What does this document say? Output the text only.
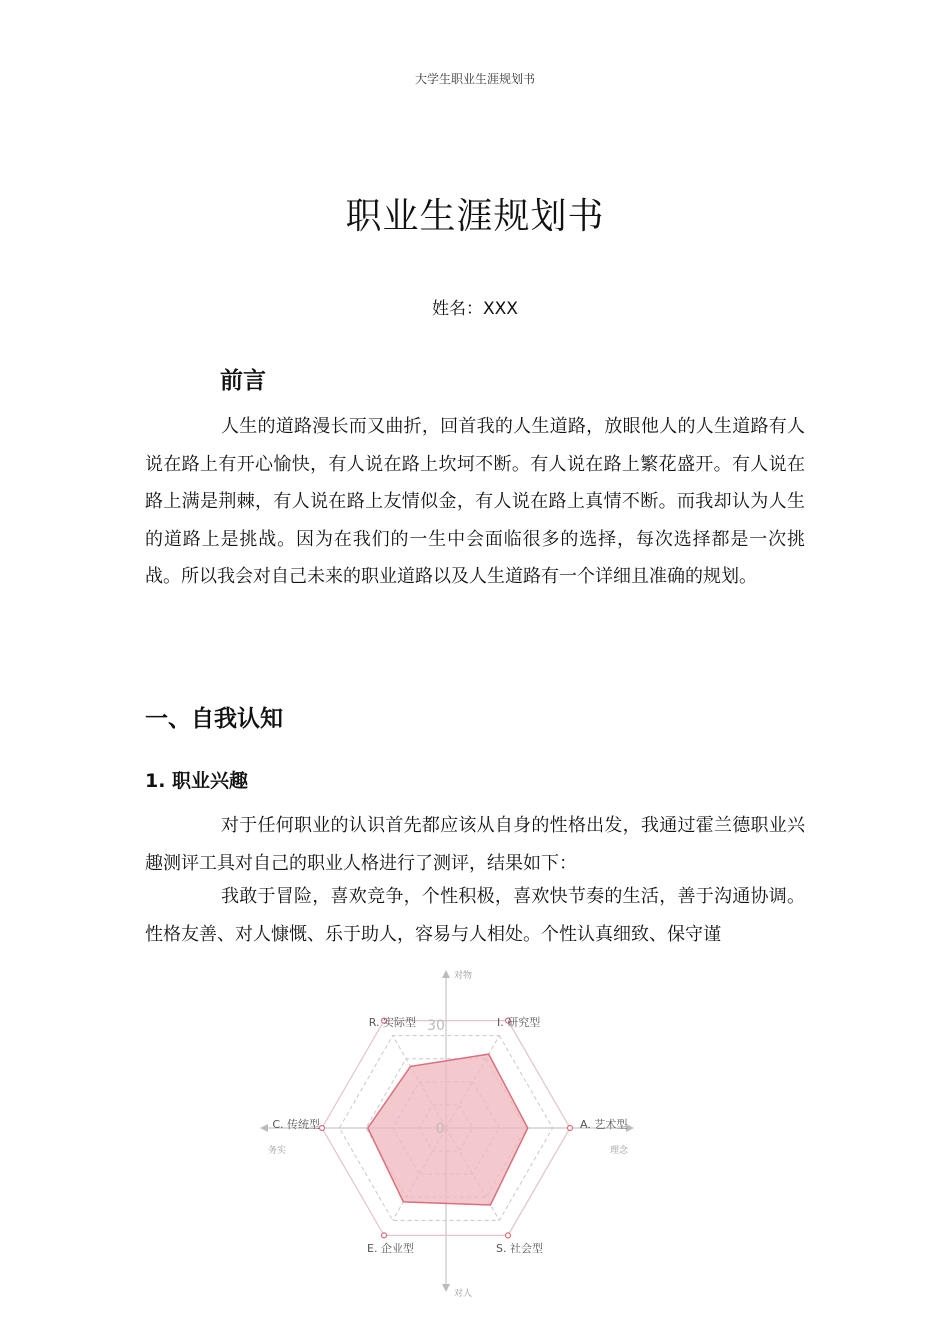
大学生职业生涯规划书
职业生涯规划书
姓名：XXX
前言

人生的道路漫长而又曲折，回首我的人生道路，放眼他人的人生道路有人说在路上有开心愉快，有人说在路上坎坷不断。有人说在路上繁花盛开。有人说在路上满是荆棘，有人说在路上友情似金，有人说在路上真情不断。而我却认为人生的道路上是挑战。因为在我们的一生中会面临很多的选择，每次选择都是一次挑战。所以我会对自己未来的职业道路以及人生道路有一个详细且准确的规划。

一、自我认知
1. 职业兴趣

对于任何职业的认识首先都应该从自身的性格出发，我通过霍兰德职业兴趣测评工具对自己的职业人格进行了测评，结果如下：

我敢于冒险，喜欢竞争，个性积极，喜欢快节奏的生活，善于沟通协调。性格友善、对人慷慨、乐于助人，容易与人相处。个性认真细致、保守谨

I. 研究型
A. 艺术型
S. 社会型
E. 企业型
C. 传统型
R. 实际型
对物
对人
务实	理念
0
30
